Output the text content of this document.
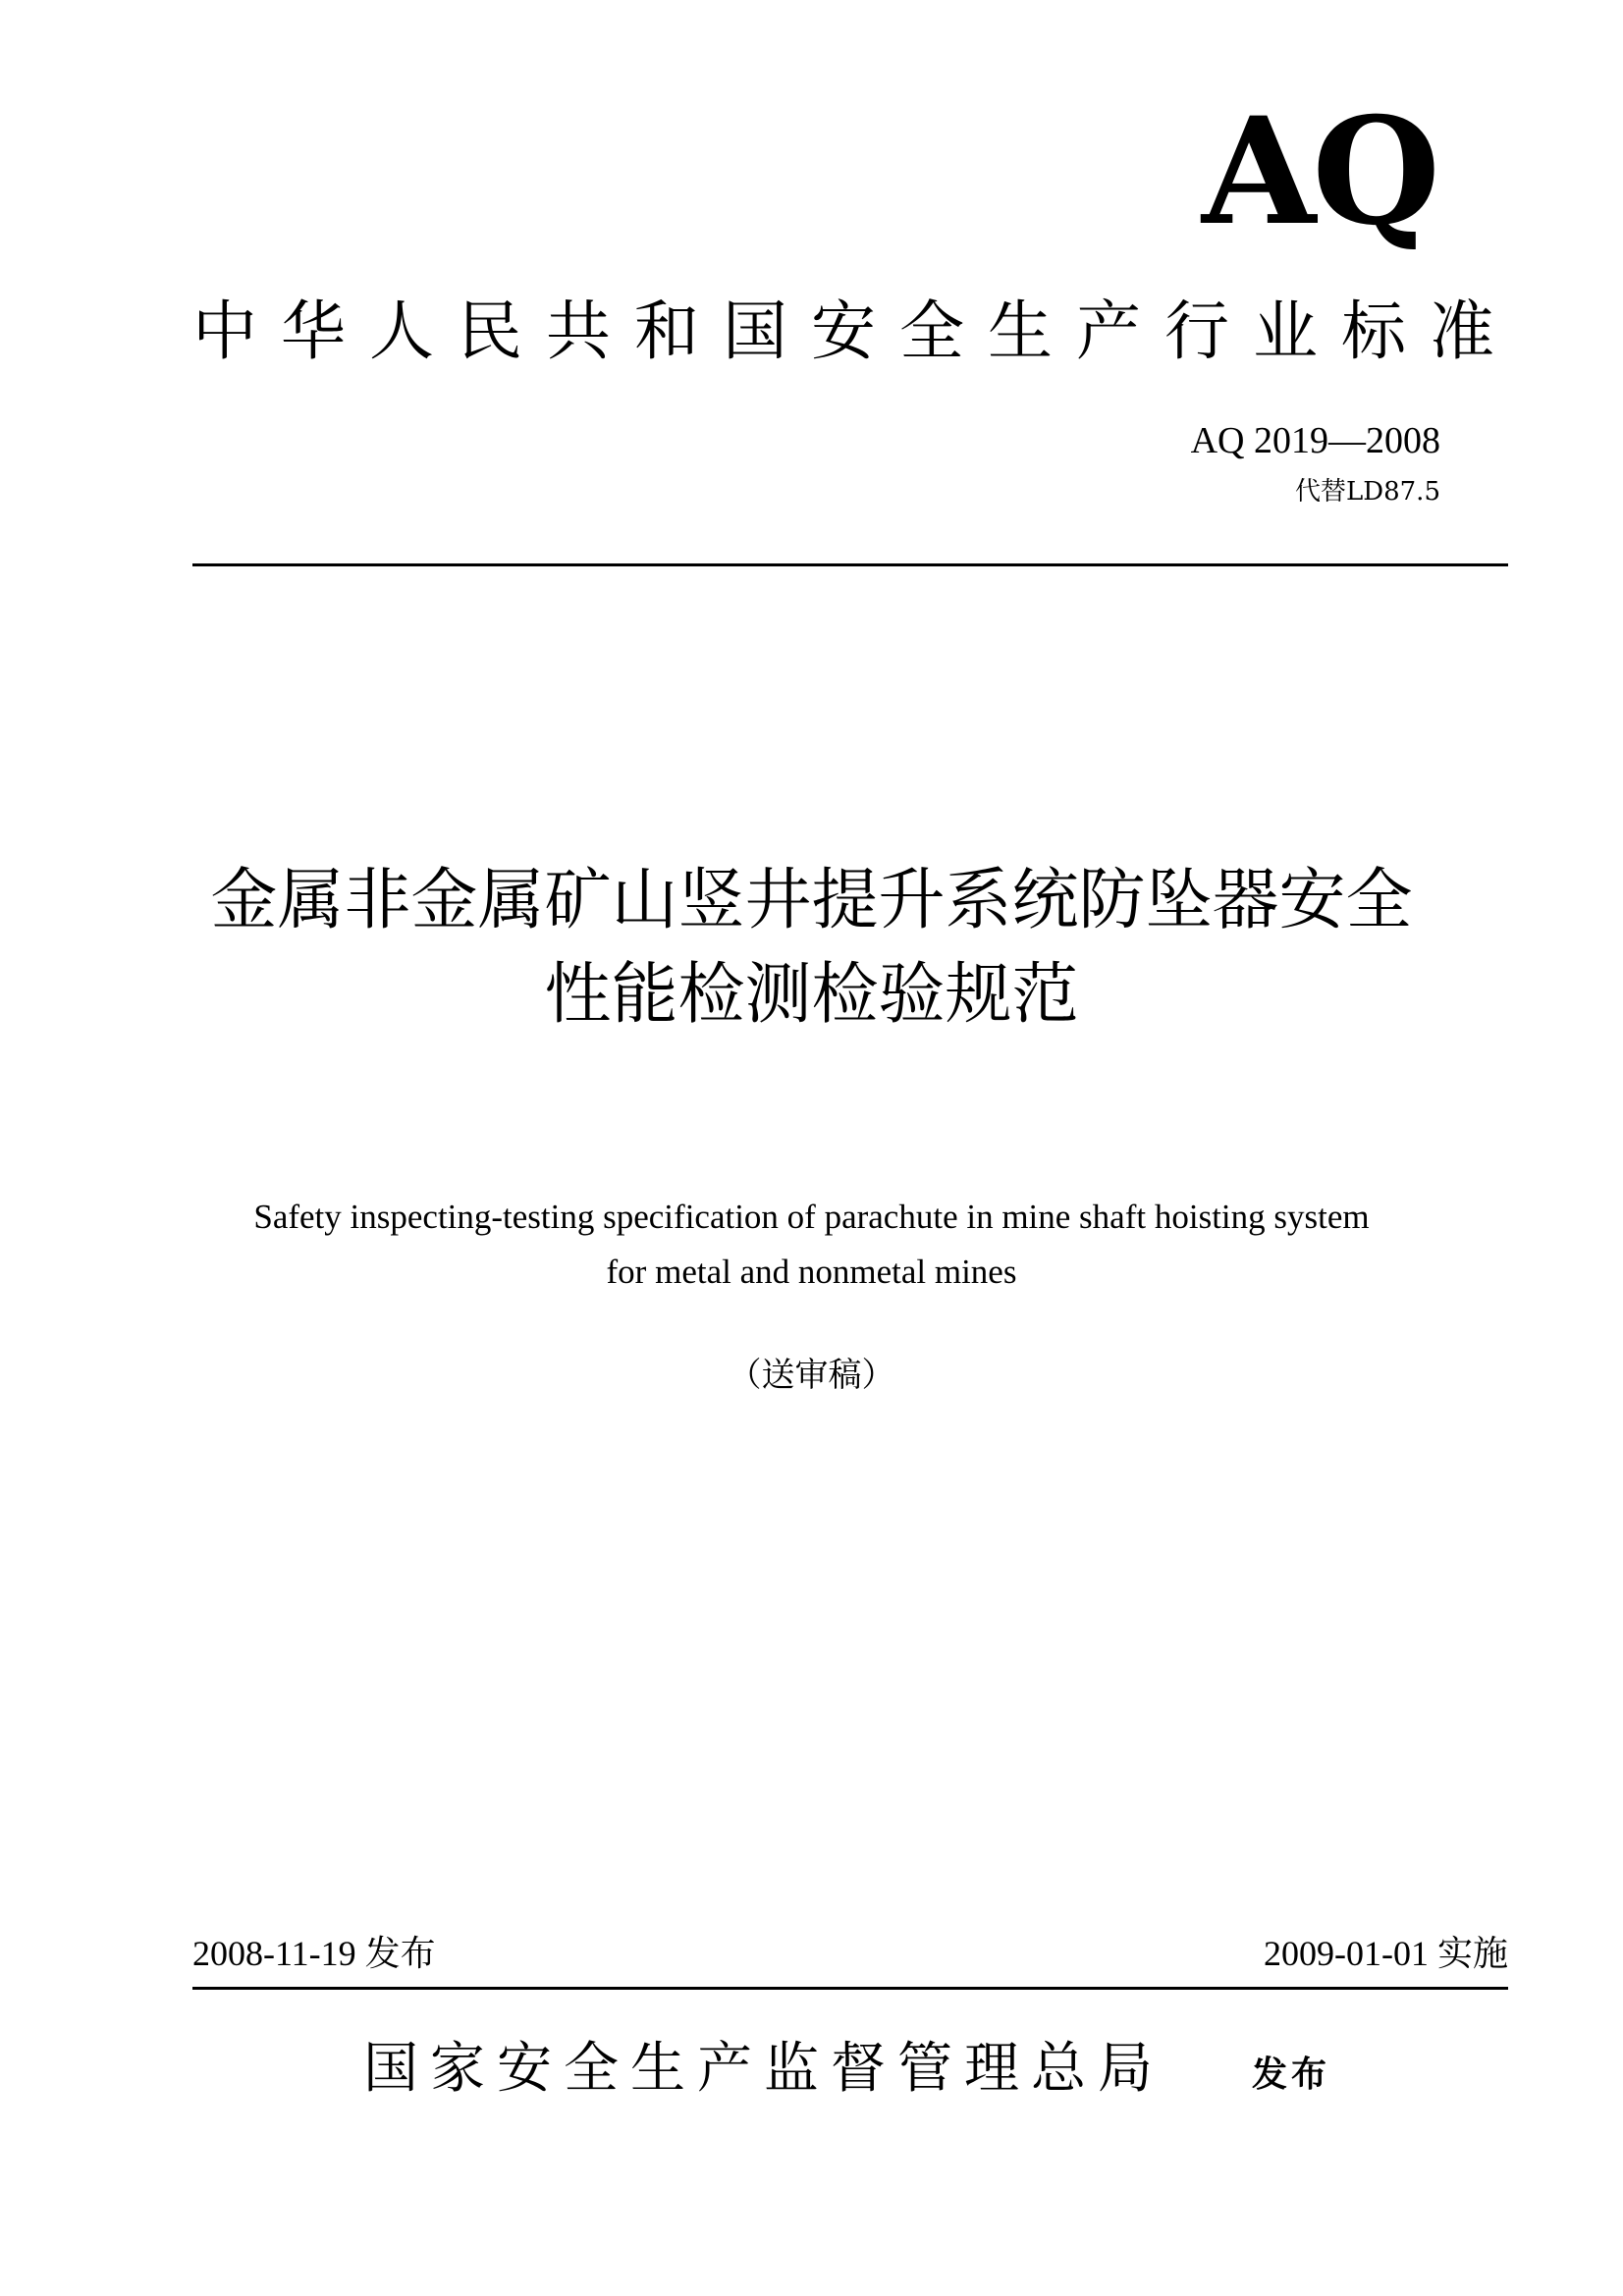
AQ
中华人民共和国安全生产行业标准
AQ 2019—2008
代替LD87.5
金属非金属矿山竖井提升系统防坠器安全
性能检测检验规范
Safety inspecting-testing specification of parachute in mine shaft hoisting system
for metal and nonmetal mines
（送审稿）
2008-11-19 发布	2009-01-01 实施
国家安全生产监督管理总局 发布
